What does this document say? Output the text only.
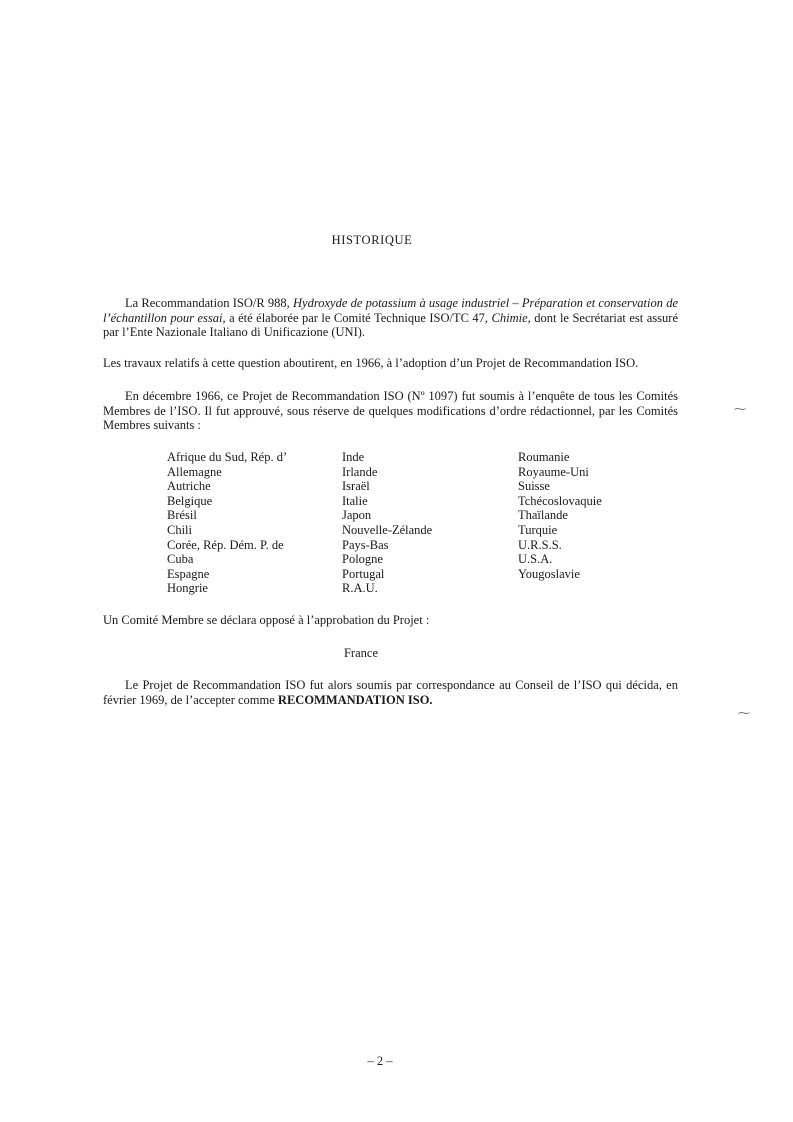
HISTORIQUE

La Recommandation ISO/R 988, Hydroxyde de potassium à usage industriel – Préparation et conservation de l’échantillon pour essai, a été élaborée par le Comité Technique ISO/TC 47, Chimie, dont le Secrétariat est assuré par l’Ente Nazionale Italiano di Unificazione (UNI).

Les travaux relatifs à cette question aboutirent, en 1966, à l’adoption d’un Projet de Recommandation ISO.

En décembre 1966, ce Projet de Recommandation ISO (Nº 1097) fut soumis à l’enquête de tous les Comités Membres de l’ISO. Il fut approuvé, sous réserve de quelques modifications d’ordre rédactionnel, par les Comités Membres suivants :

Afrique du Sud, Rép. d’
Allemagne
Autriche
Belgique
Brésil
Chili
Corée, Rép. Dém. P. de
Cuba
Espagne
Hongrie
Inde
Irlande
Israël
Italie
Japon
Nouvelle-Zélande
Pays-Bas
Pologne
Portugal
R.A.U.
Roumanie
Royaume-Uni
Suisse
Tchécoslovaquie
Thaïlande
Turquie
U.R.S.S.
U.S.A.
Yougoslavie

Un Comité Membre se déclara opposé à l’approbation du Projet :

France

Le Projet de Recommandation ISO fut alors soumis par correspondance au Conseil de l’ISO qui décida, en février 1969, de l’accepter comme RECOMMANDATION ISO.

⁓
⁓
– 2 –
